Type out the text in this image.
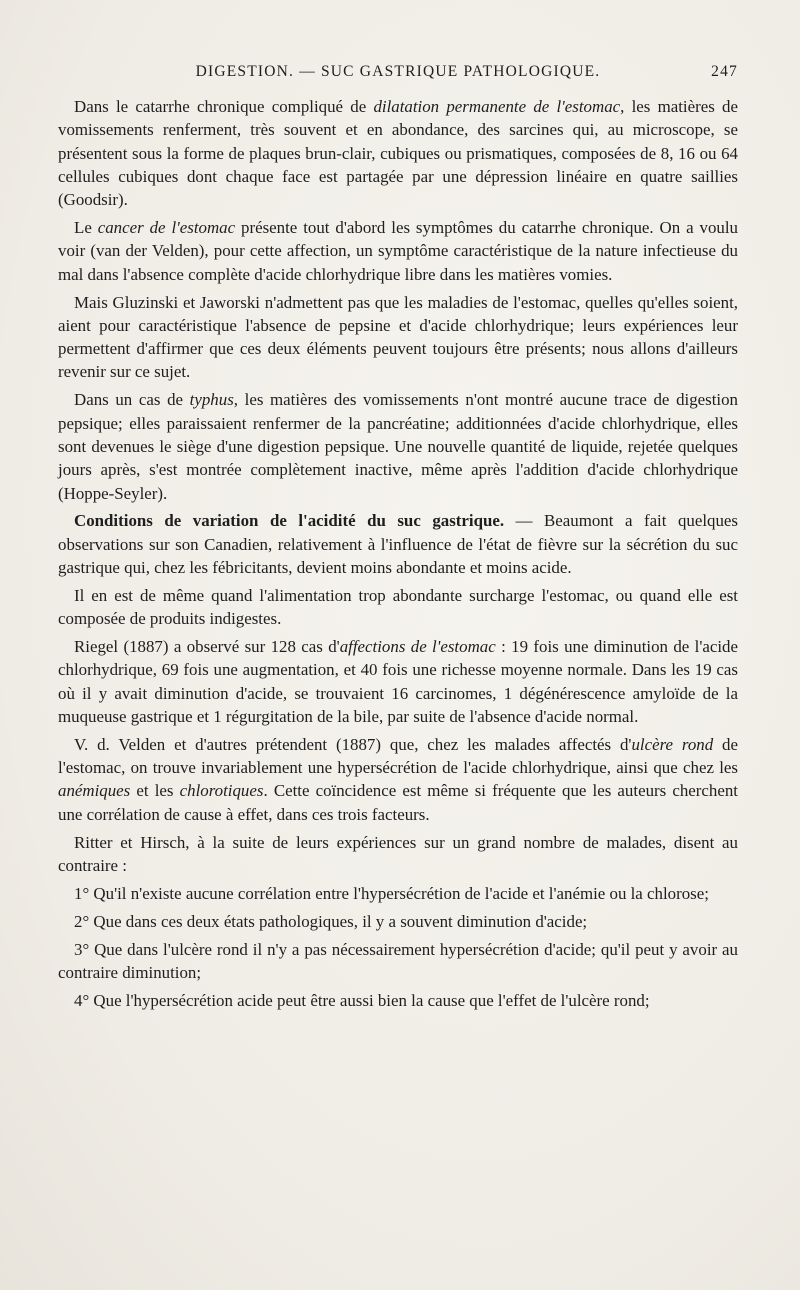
DIGESTION. — SUC GASTRIQUE PATHOLOGIQUE.	247

Dans le catarrhe chronique compliqué de dilatation permanente de l'estomac, les matières de vomissements renferment, très souvent et en abondance, des sarcines qui, au microscope, se présentent sous la forme de plaques brun-clair, cubiques ou prismatiques, composées de 8, 16 ou 64 cellules cubiques dont chaque face est partagée par une dépression linéaire en quatre saillies (Goodsir).

Le cancer de l'estomac présente tout d'abord les symptômes du catarrhe chronique. On a voulu voir (van der Velden), pour cette affection, un symptôme caractéristique de la nature infectieuse du mal dans l'absence complète d'acide chlorhydrique libre dans les matières vomies.

Mais Gluzinski et Jaworski n'admettent pas que les maladies de l'estomac, quelles qu'elles soient, aient pour caractéristique l'absence de pepsine et d'acide chlorhydrique; leurs expériences leur permettent d'affirmer que ces deux éléments peuvent toujours être présents; nous allons d'ailleurs revenir sur ce sujet.

Dans un cas de typhus, les matières des vomissements n'ont montré aucune trace de digestion pepsique; elles paraissaient renfermer de la pancréatine; additionnées d'acide chlorhydrique, elles sont devenues le siège d'une digestion pepsique. Une nouvelle quantité de liquide, rejetée quelques jours après, s'est montrée complètement inactive, même après l'addition d'acide chlorhydrique (Hoppe-Seyler).

Conditions de variation de l'acidité du suc gastrique. — Beaumont a fait quelques observations sur son Canadien, relativement à l'influence de l'état de fièvre sur la sécrétion du suc gastrique qui, chez les fébricitants, devient moins abondante et moins acide.

Il en est de même quand l'alimentation trop abondante surcharge l'estomac, ou quand elle est composée de produits indigestes.

Riegel (1887) a observé sur 128 cas d'affections de l'estomac : 19 fois une diminution de l'acide chlorhydrique, 69 fois une augmentation, et 40 fois une richesse moyenne normale. Dans les 19 cas où il y avait diminution d'acide, se trouvaient 16 carcinomes, 1 dégénérescence amyloïde de la muqueuse gastrique et 1 régurgitation de la bile, par suite de l'absence d'acide normal.

V. d. Velden et d'autres prétendent (1887) que, chez les malades affectés d'ulcère rond de l'estomac, on trouve invariablement une hypersécrétion de l'acide chlorhydrique, ainsi que chez les anémiques et les chlorotiques. Cette coïncidence est même si fréquente que les auteurs cherchent une corrélation de cause à effet, dans ces trois facteurs.

Ritter et Hirsch, à la suite de leurs expériences sur un grand nombre de malades, disent au contraire :

1° Qu'il n'existe aucune corrélation entre l'hypersécrétion de l'acide et l'anémie ou la chlorose;

2° Que dans ces deux états pathologiques, il y a souvent diminution d'acide;

3° Que dans l'ulcère rond il n'y a pas nécessairement hypersécrétion d'acide; qu'il peut y avoir au contraire diminution;

4° Que l'hypersécrétion acide peut être aussi bien la cause que l'effet de l'ulcère rond;
